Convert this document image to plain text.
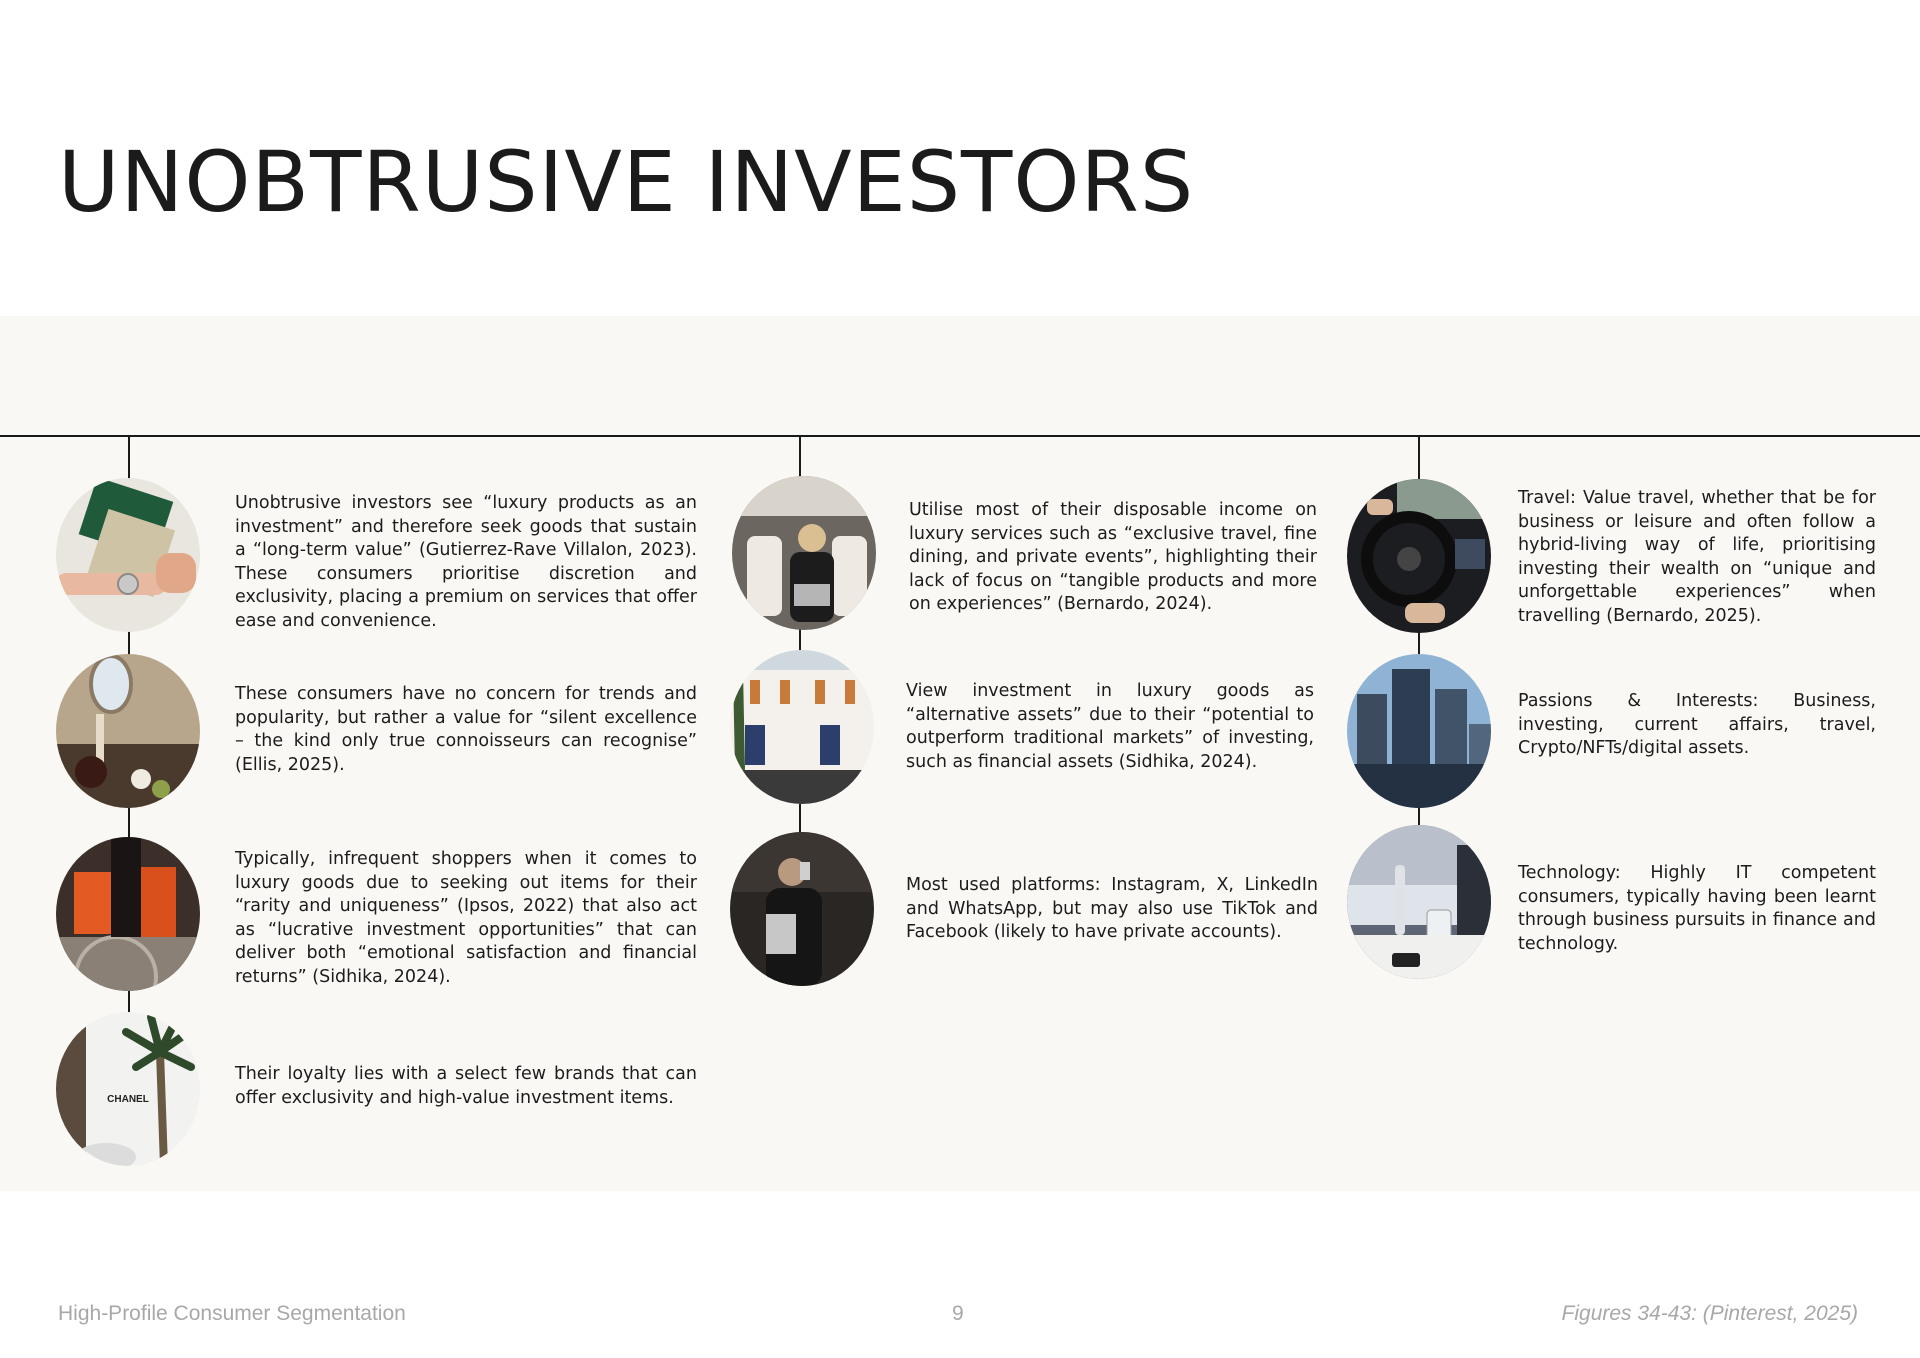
UNOBTRUSIVE INVESTORS

Unobtrusive investors see “luxury products as an investment” and therefore seek goods that sustain a “long-term value” (Gutierrez-Rave Villalon, 2023). These consumers prioritise discretion and exclusivity, placing a premium on services that offer ease and convenience.

These consumers have no concern for trends and popularity, but rather a value for “silent excellence – the kind only true connoisseurs can recognise” (Ellis, 2025).

Typically, infrequent shoppers when it comes to luxury goods due to seeking out items for their “rarity and uniqueness” (Ipsos, 2022) that also act as “lucrative investment opportunities” that can deliver both “emotional satisfaction and financial returns” (Sidhika, 2024).

CHANEL

Their loyalty lies with a select few brands that can offer exclusivity and high-value investment items.

Utilise most of their disposable income on luxury services such as “exclusive travel, fine dining, and private events”, highlighting their lack of focus on “tangible products and more on experiences” (Bernardo, 2024).

View investment in luxury goods as “alternative assets” due to their “potential to outperform traditional markets” of investing, such as financial assets (Sidhika, 2024).

Most used platforms: Instagram, X, LinkedIn and WhatsApp, but may also use TikTok and Facebook (likely to have private accounts).

Travel: Value travel, whether that be for business or leisure and often follow a hybrid-living way of life, prioritising investing their wealth on “unique and unforgettable experiences” when travelling (Bernardo, 2025).

Passions & Interests: Business, investing, current affairs, travel, Crypto/NFTs/digital assets.

Technology: Highly IT competent consumers, typically having been learnt through business pursuits in finance and technology.

High-Profile Consumer Segmentation	9	Figures 34-43: (Pinterest, 2025)
